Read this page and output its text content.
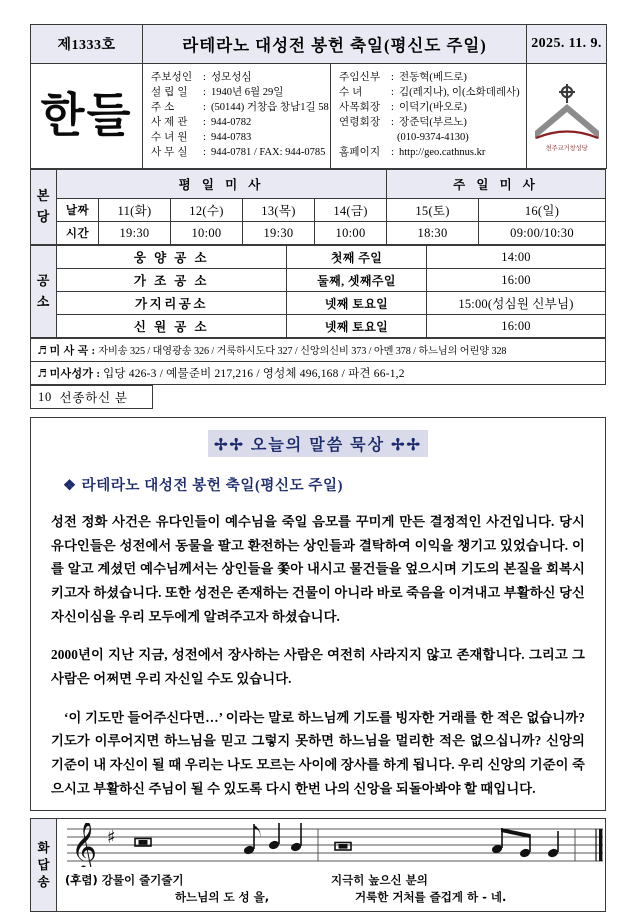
제1333호	라테라노 대성전 봉헌 축일(평신도 주일)		2025. 11. 9.
한들	
주보성인	: 성모성심
설 립 일	: 1940년 6월 29일
주 소	: (50144) 거창읍 창남1길 58
사 제 관	: 944-0782
수 녀 원	: 944-0783
사 무 실	: 944-0781 / FAX: 944-0785

주임신부	: 전동혁(베드로)
수 녀	: 김(레지나), 이(소화데레사)
사목회장	: 이덕기(바오로)
연령회장	: 장준덕(부르노)
(010-9374-4130)
홈페이지	: http://geo.cathnus.kr	천주교거창성당
본
당	평 일 미 사					주 일 미 사	
	날짜	11(화)	12(수)	13(목)	14(금)	15(토)	16(일)
	시간	19:30	10:00	19:30	10:00	18:30	09:00/10:30
공
소	웅 양 공 소	첫째 주일	14:00
	가 조 공 소	둘째, 셋째주일	16:00
	가지리공소	넷째 토요일	15:00(성심원 신부님)
	신 원 공 소	넷째 토요일	16:00
♬ 미 사 곡 : 자비송 325 / 대영광송 326 / 거룩하시도다 327 / 신앙의신비 373 / 아멘 378 / 하느님의 어린양 328
♬ 미사성가 : 입당 426-3 / 예물준비 217,216 / 영성체 496,168 / 파견 66-1,2
10	선종하신 분	
✢✢ 오늘의 말씀 묵상 ✢✢
❖ 라테라노 대성전 봉헌 축일(평신도 주일)

성전 정화 사건은 유다인들이 예수님을 죽일 음모를 꾸미게 만든 결정적인 사건입니다. 당시 유다인들은 성전에서 동물을 팔고 환전하는 상인들과 결탁하여 이익을 챙기고 있었습니다. 이를 알고 계셨던 예수님께서는 상인들을 쫓아 내시고 물건들을 엎으시며 기도의 본질을 회복시키고자 하셨습니다. 또한 성전은 존재하는 건물이 아니라 바로 죽음을 이겨내고 부활하신 당신 자신이심을 우리 모두에게 알려주고자 하셨습니다.

2000년이 지난 지금, 성전에서 장사하는 사람은 여전히 사라지지 않고 존재합니다. 그리고 그 사람은 어쩌면 우리 자신일 수도 있습니다.

‘이 기도만 들어주신다면…’ 이라는 말로 하느님께 기도를 빙자한 거래를 한 적은 없습니까? 기도가 이루어지면 하느님을 믿고 그렇지 못하면 하느님을 멀리한 적은 없으십니까? 신앙의 기준이 내 자신이 될 때 우리는 나도 모르는 사이에 장사를 하게 됩니다. 우리 신앙의 기준이 죽으시고 부활하신 주님이 될 수 있도록 다시 한번 나의 신앙을 되돌아봐야 할 때입니다.

화
답
송

𝄞 ♯
(후렴) 강물이 줄기줄기	지극히 높으신 분의
하느님의 도 성 을,	거룩한 거처를 즐겁게 하 - 네.
